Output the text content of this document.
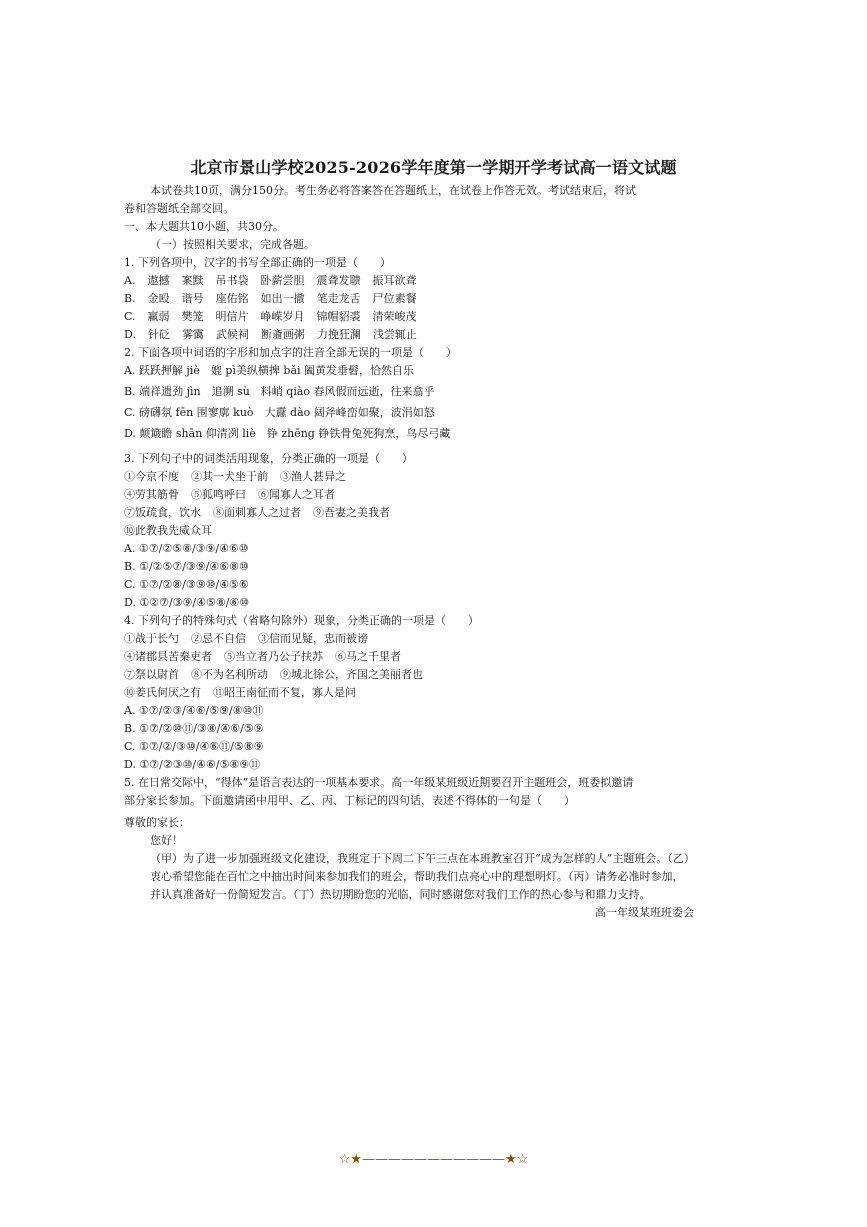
北京市景山学校2025-2026学年度第一学期开学考试高一语文试题
本试卷共10页，满分150分。考生务必将答案答在答题纸上，在试卷上作答无效。考试结束后，将试
卷和答题纸全部交回。
一、本大题共10小题，共30分。
（一）按照相关要求，完成各题。
1. 下列各项中，汉字的书写全部正确的一项是（　　）
A. 遨撼 案黩 吊书袋 卧薪尝胆 震聋发聩 振耳欲聋
B. 金殴 谐号 座佑铭 如出一撤 笔走龙舌 尸位素餐
C. 赢弱 樊笼 明信片 峥嵘岁月 锦帽貂裘 清荣峻茂
D. 针砭 雾霭 武候祠 断齑画粥 力挽狂澜 浅尝辄止
2. 下面各项中词语的字形和加点字的注音全部无误的一项是（　　）
A. 跃跃押解 jiè　媲 pì美纵横捭 bǎi 阖黄发垂髫，恰然自乐
B. 端祥遗劲 jìn　追溯 sù　料峭 qiào 春风假而远逝，往来翕乎
C. 磅礴氛 fēn 围寥廓 kuò　大纛 dào 阔斧峰峦如聚，波涓如怒
D. 颠簸瞻 shān 仰清冽 liè　铮 zhēng 铮铁骨兔死狗烹，鸟尽弓藏
3. 下列句子中的词类活用现象，分类正确的一项是（　　）
①今京不度 ②其一犬坐于前 ③渔人甚异之
④劳其筋骨 ⑤狐鸣呼曰 ⑥闻寡人之耳者
⑦饭疏食，饮水 ⑧面刺寡人之过者 ⑨吾妻之美我者
⑩此教我先威众耳
A. ①⑦/②⑤⑧/③⑨/④⑥⑩
B. ①/②⑤⑦/③⑨/④⑥⑧⑩
C. ①⑦/②⑧/③⑨⑩/④⑤⑥
D. ①②⑦/③⑨/④⑤⑧/⑥⑩
4. 下列句子的特殊句式（省略句除外）现象，分类正确的一项是（　　）
①战于长勺 ②忌不自信 ③信而见疑，忠而被谤
④诸郡县苦秦吏者 ⑤当立者乃公子扶苏 ⑥马之千里者
⑦祭以尉首 ⑧不为名利所动 ⑨城北徐公，齐国之美丽者也
⑩姜氏何厌之有 ⑪昭王南征而不复，寡人是问
A. ①⑦/②③/④⑥/⑤⑨/⑧⑩⑪
B. ①⑦/②⑩⑪/③⑧/④⑥/⑤⑨
C. ①⑦/②/③⑩/④⑥⑪/⑤⑧⑨
D. ①⑦/②③⑩/④⑥/⑤⑧⑨⑪
5. 在日常交际中，“得体”是语言表达的一项基本要求。高一年级某班级近期要召开主题班会，班委拟邀请
部分家长参加。下面邀请函中用甲、乙、丙、丁标记的四句话，表述不得体的一句是（　　）
尊敬的家长：
您好！
（甲）为了进一步加强班级文化建设，我班定于下周二下午三点在本班教室召开“成为怎样的人”主题班会。（乙）衷心希望您能在百忙之中抽出时间来参加我们的班会，帮助我们点亮心中的理想明灯。（丙）请务必准时参加，并认真准备好一份简短发言。（丁）热切期盼您的光临，同时感谢您对我们工作的热心参与和鼎力支持。
高一年级某班班委会
☆★———————————★☆
